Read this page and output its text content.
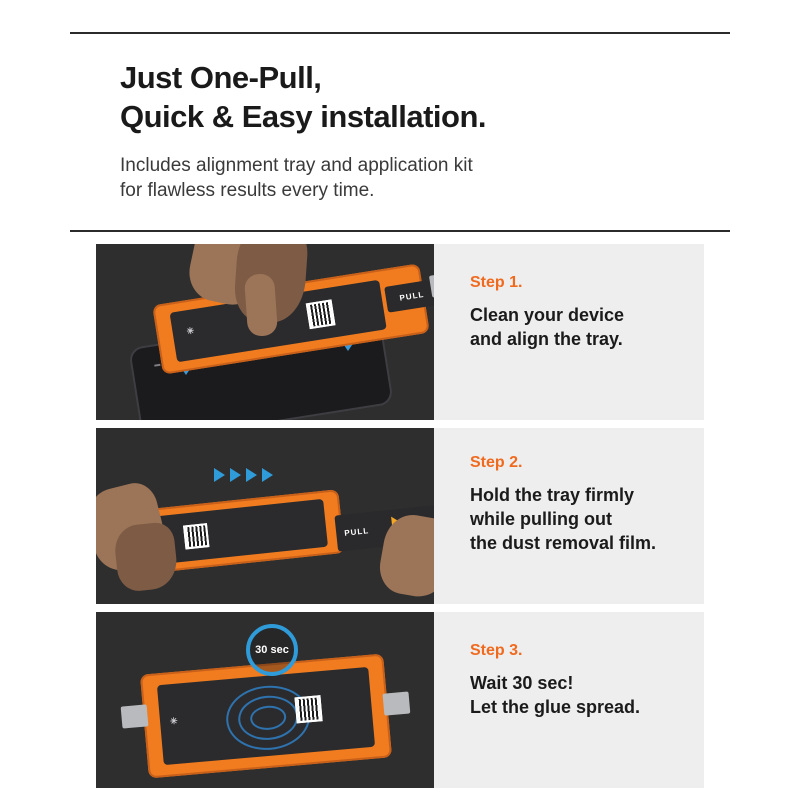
Just One-Pull,
Quick & Easy installation.
Includes alignment tray and application kit
for flawless results every time.
✳
PULL
Step 1.
Clean your device
and align the tray.
PULL
Step 2.
Hold the tray firmly
while pulling out
the dust removal film.
✳
30 sec	Step 3.
Wait 30 sec!
Let the glue spread.
